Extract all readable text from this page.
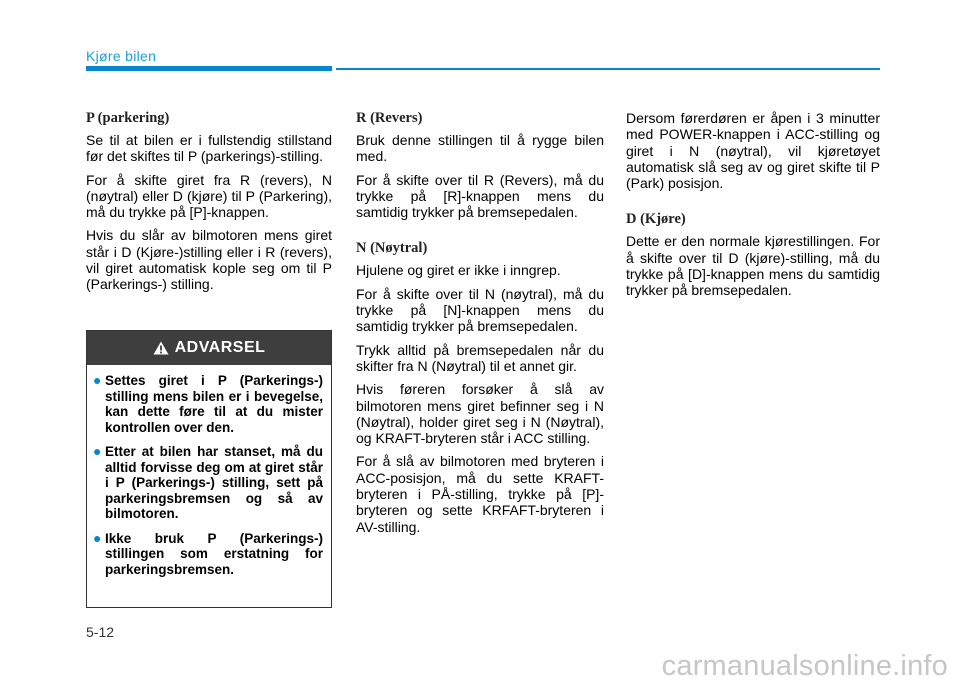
Kjøre bilen
P (parkering)

Se til at bilen er i fullstendig stillstand før det skiftes til P (parkerings)-stilling.

For å skifte giret fra R (revers), N (nøytral) eller D (kjøre) til P (Parkering), må du trykke på [P]-knappen.

Hvis du slår av bilmotoren mens giret står i D (Kjøre-)stilling eller i R (revers), vil giret automatisk kople seg om til P (Parkerings-) stilling.

ADVARSEL
● Settes giret i P (Parkerings-) stilling mens bilen er i bevegelse, kan dette føre til at du mister kontrollen over den.
● Etter at bilen har stanset, må du alltid forvisse deg om at giret står i P (Parkerings-) stilling, sett på parkeringsbremsen og så av bilmotoren.
● Ikke bruk P (Parkerings-) stillingen som erstatning for parkeringsbremsen.
R (Revers)

Bruk denne stillingen til å rygge bilen med.

For å skifte over til R (Revers), må du trykke på [R]-knappen mens du samtidig trykker på bremsepedalen.

N (Nøytral)

Hjulene og giret er ikke i inngrep.

For å skifte over til N (nøytral), må du trykke på [N]-knappen mens du samtidig trykker på bremsepedalen.

Trykk alltid på bremsepedalen når du skifter fra N (Nøytral) til et annet gir.

Hvis føreren forsøker å slå av bilmotoren mens giret befinner seg i N (Nøytral), holder giret seg i N (Nøytral), og KRAFT-bryteren står i ACC stilling.

For å slå av bilmotoren med bryteren i ACC-posisjon, må du sette KRAFT-bryteren i PÅ-stilling, trykke på [P]-bryteren og sette KRFAFT-bryteren i AV-stilling.

Dersom førerdøren er åpen i 3 minutter med POWER-knappen i ACC-stilling og giret i N (nøytral), vil kjøretøyet automatisk slå seg av og giret skifte til P (Park) posisjon.

D (Kjøre)

Dette er den normale kjørestillingen. For å skifte over til D (kjøre)-stilling, må du trykke på [D]-knappen mens du samtidig trykker på bremsepedalen.

5-12
carmanualsonline.info
